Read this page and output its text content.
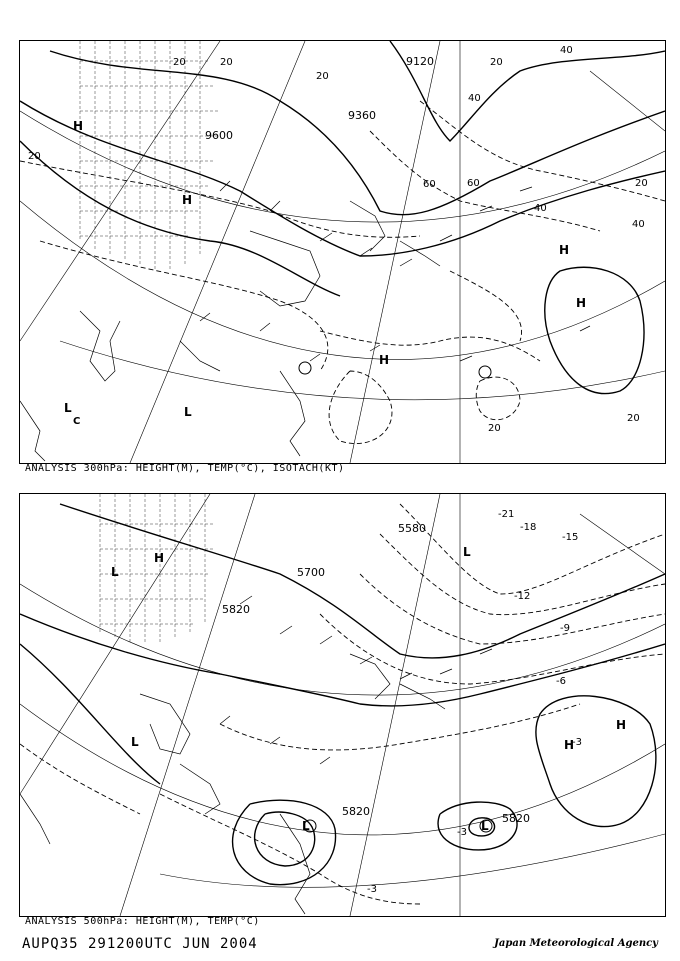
9120
9360
9600
20	20
20
20
40
40
60
60
20
40
20
40
20
20
H
H
H
H
H
L
C
L
ANALYSIS 300hPa: HEIGHT(M), TEMP(°C), ISOTACH(KT)
5580
5700
5820
5820
5820
-21
-18
-15
-12
-9
-6
-3
-3
-3
H
L
L
L	L
L
H
H
ANALYSIS 500hPa: HEIGHT(M), TEMP(°C)
AUPQ35 291200UTC JUN 2004	Japan Meteorological Agency
